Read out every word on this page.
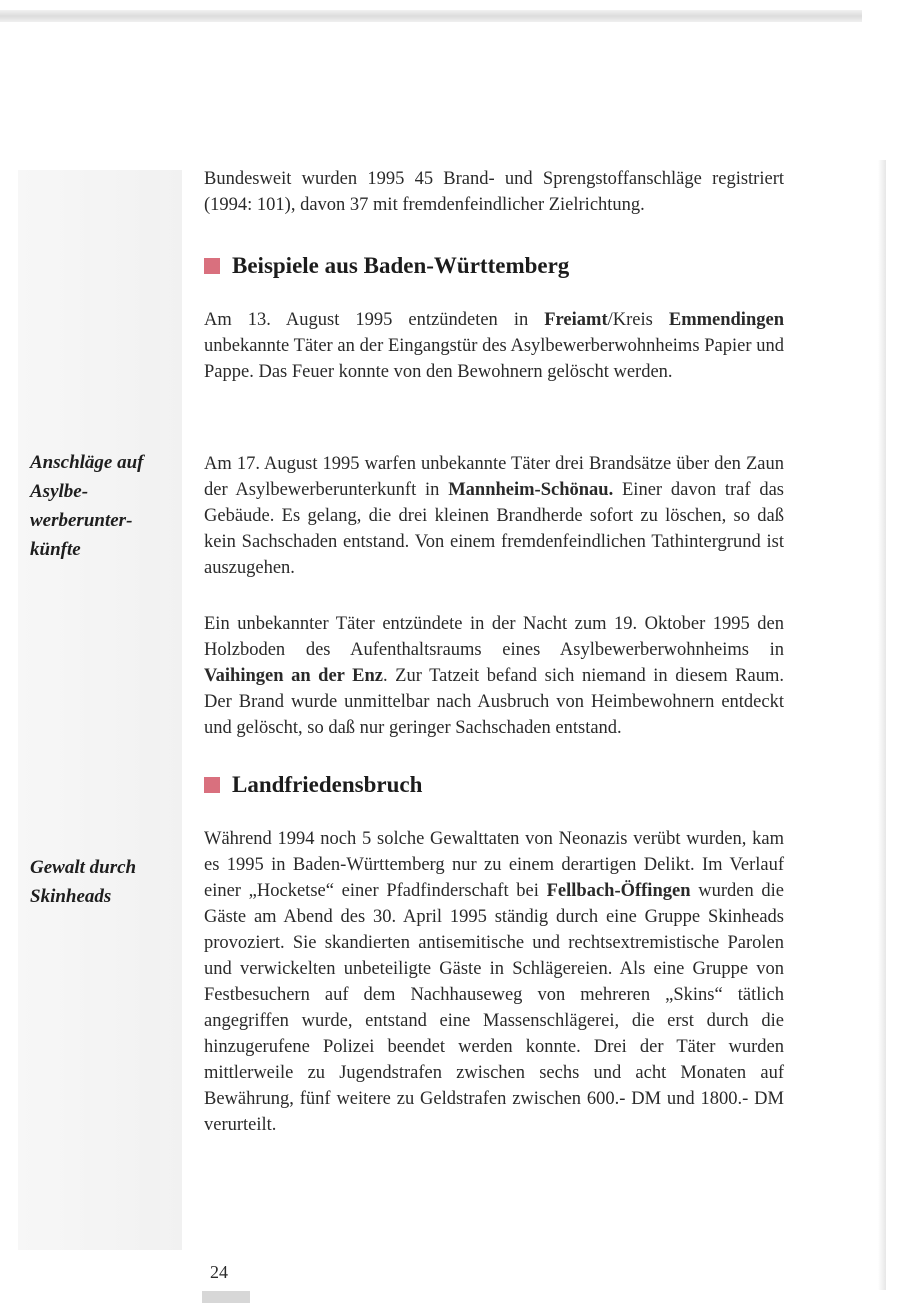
Bundesweit wurden 1995 45 Brand- und Sprengstoffanschläge registriert (1994: 101), davon 37 mit fremdenfeindlicher Zielrichtung.

Beispiele aus Baden-Württemberg

Am 13. August 1995 entzündeten in Freiamt/Kreis Emmendingen unbekannte Täter an der Eingangstür des Asylbewerberwohnheims Papier und Pappe. Das Feuer konnte von den Bewohnern gelöscht werden.

Anschläge auf Asylbewerberunterkünfte

Am 17. August 1995 warfen unbekannte Täter drei Brandsätze über den Zaun der Asylbewerberunterkunft in Mannheim-Schönau. Einer davon traf das Gebäude. Es gelang, die drei kleinen Brandherde sofort zu löschen, so daß kein Sachschaden entstand. Von einem fremdenfeindlichen Tathintergrund ist auszugehen.

Ein unbekannter Täter entzündete in der Nacht zum 19. Oktober 1995 den Holzboden des Aufenthaltsraums eines Asylbewerberwohnheims in Vaihingen an der Enz. Zur Tatzeit befand sich niemand in diesem Raum. Der Brand wurde unmittelbar nach Ausbruch von Heimbewohnern entdeckt und gelöscht, so daß nur geringer Sachschaden entstand.

Landfriedensbruch
Gewalt durch Skinheads

Während 1994 noch 5 solche Gewalttaten von Neonazis verübt wurden, kam es 1995 in Baden-Württemberg nur zu einem derartigen Delikt. Im Verlauf einer „Hocketse“ einer Pfadfinderschaft bei Fellbach-Öffingen wurden die Gäste am Abend des 30. April 1995 ständig durch eine Gruppe Skinheads provoziert. Sie skandierten antisemitische und rechtsextremistische Parolen und verwickelten unbeteiligte Gäste in Schlägereien. Als eine Gruppe von Festbesuchern auf dem Nachhauseweg von mehreren „Skins“ tätlich angegriffen wurde, entstand eine Massenschlägerei, die erst durch die hinzugerufene Polizei beendet werden konnte. Drei der Täter wurden mittlerweile zu Jugendstrafen zwischen sechs und acht Monaten auf Bewährung, fünf weitere zu Geldstrafen zwischen 600.- DM und 1800.- DM verurteilt.

24
